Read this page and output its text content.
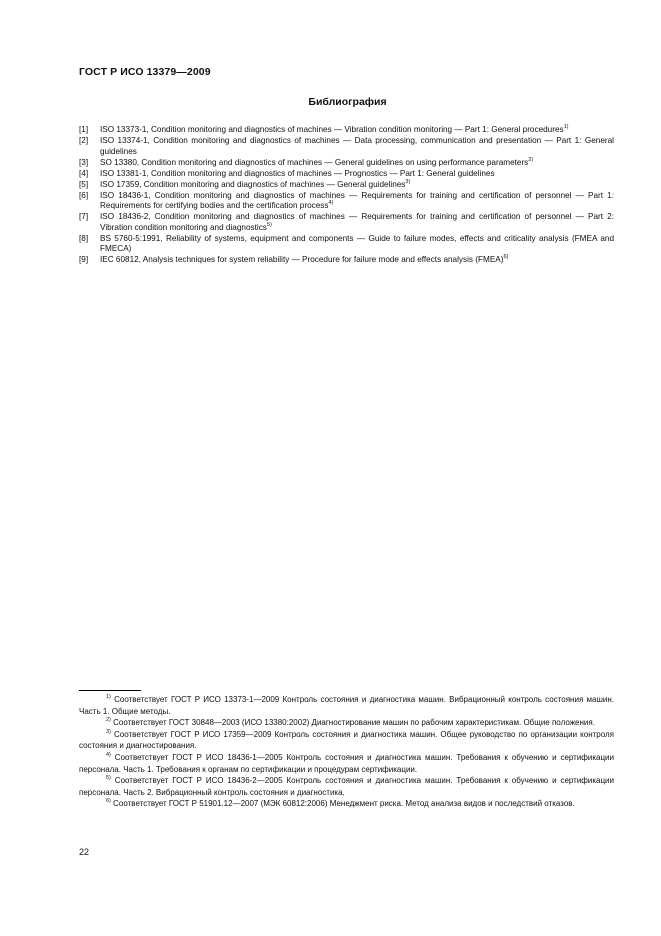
ГОСТ Р ИСО 13379—2009
Библиография
[1]	ISO 13373-1, Condition monitoring and diagnostics of machines — Vibration condition monitoring — Part 1: General procedures$^{1)}$
[2]	ISO 13374-1, Condition monitoring and diagnostics of machines — Data processing, communication and presentation — Part 1: General guidelines
[3]	SO 13380, Condition monitoring and diagnostics of machines — General guidelines on using performance parameters$^{2)}$
[4]	ISO 13381-1, Condition monitoring and diagnostics of machines — Prognostics — Part 1: General guidelines
[5]	ISO 17359, Condition monitoring and diagnostics of machines — General guidelines$^{3)}$
[6]	ISO 18436-1, Condition monitoring and diagnostics of machines — Requirements for training and certification of personnel — Part 1: Requirements for certifying bodies and the certification process$^{4)}$
[7]	ISO 18436-2, Condition monitoring and diagnostics of machines — Requirements for training and certification of personnel — Part 2: Vibration condition monitoring and diagnostics$^{5)}$
[8]	BS 5760-5:1991, Reliability of systems, equipment and components — Guide to failure modes, effects and criticality analysis (FMEA and FMECA)
[9]	IEC 60812, Analysis techniques for system reliability — Procedure for failure mode and effects analysis (FMEA)$^{6)}$
$^{1)}$ Соответствует ГОСТ Р ИСО 13373-1—2009 Контроль состояния и диагностика машин. Вибрационный контроль состояния машин. Часть 1. Общие методы.
$^{2)}$ Соответствует ГОСТ 30848—2003 (ИСО 13380:2002) Диагностирование машин по рабочим характеристикам. Общие положения.
$^{3)}$ Соответствует ГОСТ Р ИСО 17359—2009 Контроль состояния и диагностика машин. Общее руководство по организации контроля состояния и диагностирования.
$^{4)}$ Соответствует ГОСТ Р ИСО 18436-1—2005 Контроль состояния и диагностика машин. Требования к обучению и сертификации персонала. Часть 1. Требования к органам по сертификации и процедурам сертификации.
$^{5)}$ Соответствует ГОСТ Р ИСО 18436-2—2005 Контроль состояния и диагностика машин. Требования к обучению и сертификации персонала. Часть 2. Вибрационный контроль состояния и диагностика.
$^{6)}$ Соответствует ГОСТ Р 51901.12—2007 (МЭК 60812:2006) Менеджмент риска. Метод анализа видов и последствий отказов.
22
